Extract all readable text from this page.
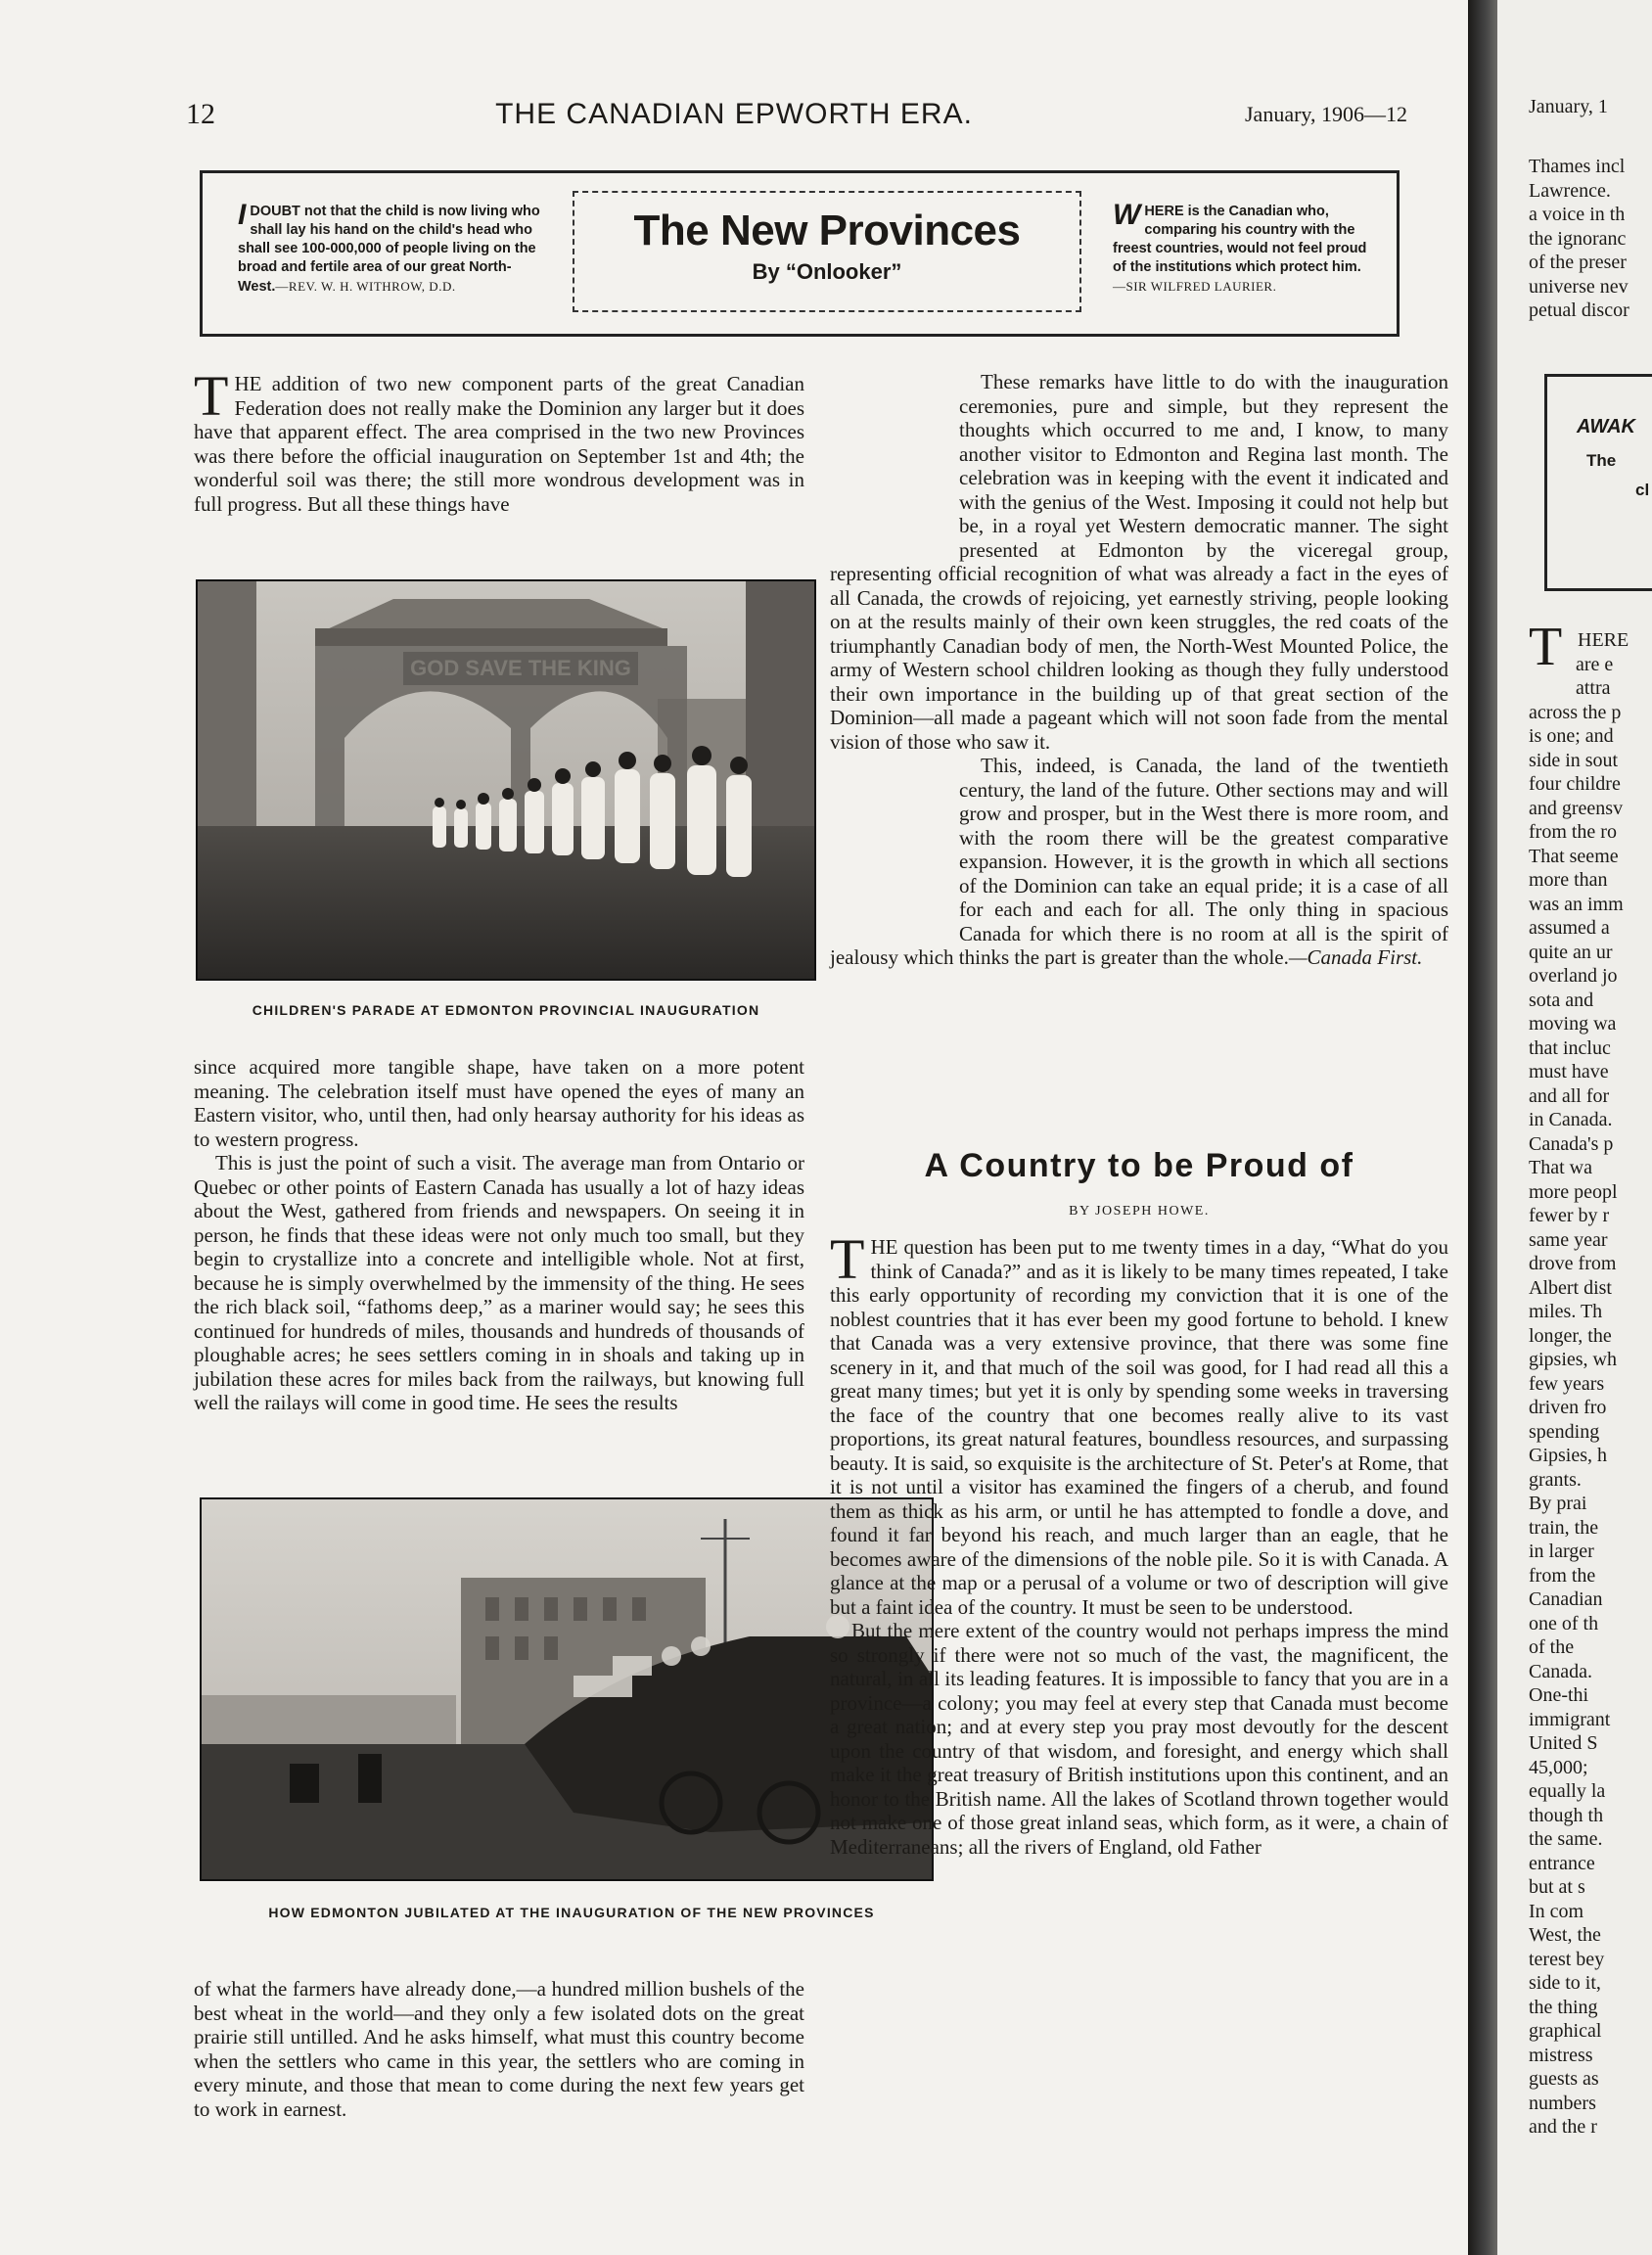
12	THE CANADIAN EPWORTH ERA.	January, 1906—12
IDOUBT not that the child is now living who shall lay his hand on the child's head who shall see 100-000,000 of people living on the broad and fertile area of our great North-West.—REV. W. H. WITHROW, D.D.
The New Provinces
By “Onlooker”
WHERE is the Canadian who, comparing his country with the freest countries, would not feel proud of the institutions which protect him.—SIR WILFRED LAURIER.

THE addition of two new component parts of the great Canadian Federation does not really make the Dominion any larger but it does have that apparent effect. The area comprised in the two new Provinces was there before the official inauguration on September 1st and 4th; the wonderful soil was there; the still more wondrous development was in full progress. But all these things have

CHILDREN'S PARADE AT EDMONTON PROVINCIAL INAUGURATION

since acquired more tangible shape, have taken on a more potent meaning. The celebration itself must have opened the eyes of many an Eastern visitor, who, until then, had only hearsay authority for his ideas as to western progress.

This is just the point of such a visit. The average man from Ontario or Quebec or other points of Eastern Canada has usually a lot of hazy ideas about the West, gathered from friends and newspapers. On seeing it in person, he finds that these ideas were not only much too small, but they begin to crystallize into a concrete and intelligible whole. Not at first, because he is simply overwhelmed by the immensity of the thing. He sees the rich black soil, “fathoms deep,” as a mariner would say; he sees this continued for hundreds of miles, thousands and hundreds of thousands of ploughable acres; he sees settlers coming in in shoals and taking up in jubilation these acres for miles back from the railways, but knowing full well the railays will come in good time. He sees the results

HOW EDMONTON JUBILATED AT THE INAUGURATION OF THE NEW PROVINCES

of what the farmers have already done,—a hundred million bushels of the best wheat in the world—and they only a few isolated dots on the great prairie still untilled. And he asks himself, what must this country become when the settlers who came in this year, the settlers who are coming in every minute, and those that mean to come during the next few years get to work in earnest.

These remarks have little to do with the inauguration ceremonies, pure and simple, but they represent the thoughts which occurred to me and, I know, to many another visitor to Edmonton and Regina last month. The celebration was in keeping with the event it indicated and with the genius of the West. Imposing it could not help but be, in a royal yet Western democratic manner. The sight presented at Edmonton by the viceregal group, representing official recognition of what was already a fact in the eyes of all Canada, the crowds of rejoicing, yet earnestly striving, people looking on at the results mainly of their own keen struggles, the red coats of the triumphantly Canadian body of men, the North-West Mounted Police, the army of Western school children looking as though they fully understood their own importance in the building up of that great section of the Dominion—all made a pageant which will not soon fade from the mental vision of those who saw it.

This, indeed, is Canada, the land of the twentieth century, the land of the future. Other sections may and will grow and prosper, but in the West there is more room, and with the room there will be the greatest comparative expansion. However, it is the growth in which all sections of the Dominion can take an equal pride; it is a case of all for each and each for all. The only thing in spacious Canada for which there is no room at all is the spirit of jealousy which thinks the part is greater than the whole.—Canada First.

A Country to be Proud of
BY JOSEPH HOWE.

THE question has been put to me twenty times in a day, “What do you think of Canada?” and as it is likely to be many times repeated, I take this early opportunity of recording my conviction that it is one of the noblest countries that it has ever been my good fortune to behold. I knew that Canada was a very extensive province, that there was some fine scenery in it, and that much of the soil was good, for I had read all this a great many times; but yet it is only by spending some weeks in traversing the face of the country that one becomes really alive to its vast proportions, its great natural features, boundless resources, and surpassing beauty. It is said, so exquisite is the architecture of St. Peter's at Rome, that it is not until a visitor has examined the fingers of a cherub, and found them as thick as his arm, or until he has attempted to fondle a dove, and found it far beyond his reach, and much larger than an eagle, that he becomes aware of the dimensions of the noble pile. So it is with Canada. A glance at the map or a perusal of a volume or two of description will give but a faint idea of the country. It must be seen to be understood.

But the mere extent of the country would not perhaps impress the mind so strongly if there were not so much of the vast, the magnificent, the natural, in all its leading features. It is impossible to fancy that you are in a province—a colony; you may feel at every step that Canada must become a great nation; and at every step you pray most devoutly for the descent upon the country of that wisdom, and foresight, and energy which shall make it the great treasury of British institutions upon this continent, and an honor to the British name. All the lakes of Scotland thrown together would not make one of those great inland seas, which form, as it were, a chain of Mediterraneans; all the rivers of England, old Father

January, 1
Thames incl
Lawrence.
a voice in th
the ignoranc
of the preser
universe nev
petual discor
AWAK
The
cl
T HERE
are e
attra
across the p
is one; and
side in sout
four childre
and greensv
from the ro
That seeme
more than
was an imm
assumed a
quite an ur
overland jo
sota and
moving wa
that incluc
must have
and all for
in Canada.
Canada's p
That wa
more peopl
fewer by r
same year
drove from
Albert dist
miles. Th
longer, the
gipsies, wh
few years
driven fro
spending
Gipsies, h
grants.
By prai
train, the
in larger
from the
Canadian
one of th
of the
Canada.
One-thi
immigrant
United S
45,000;
equally la
though th
the same.
entrance
but at s
In com
West, the
terest bey
side to it,
the thing
graphical
mistress
guests as
numbers
and the r
